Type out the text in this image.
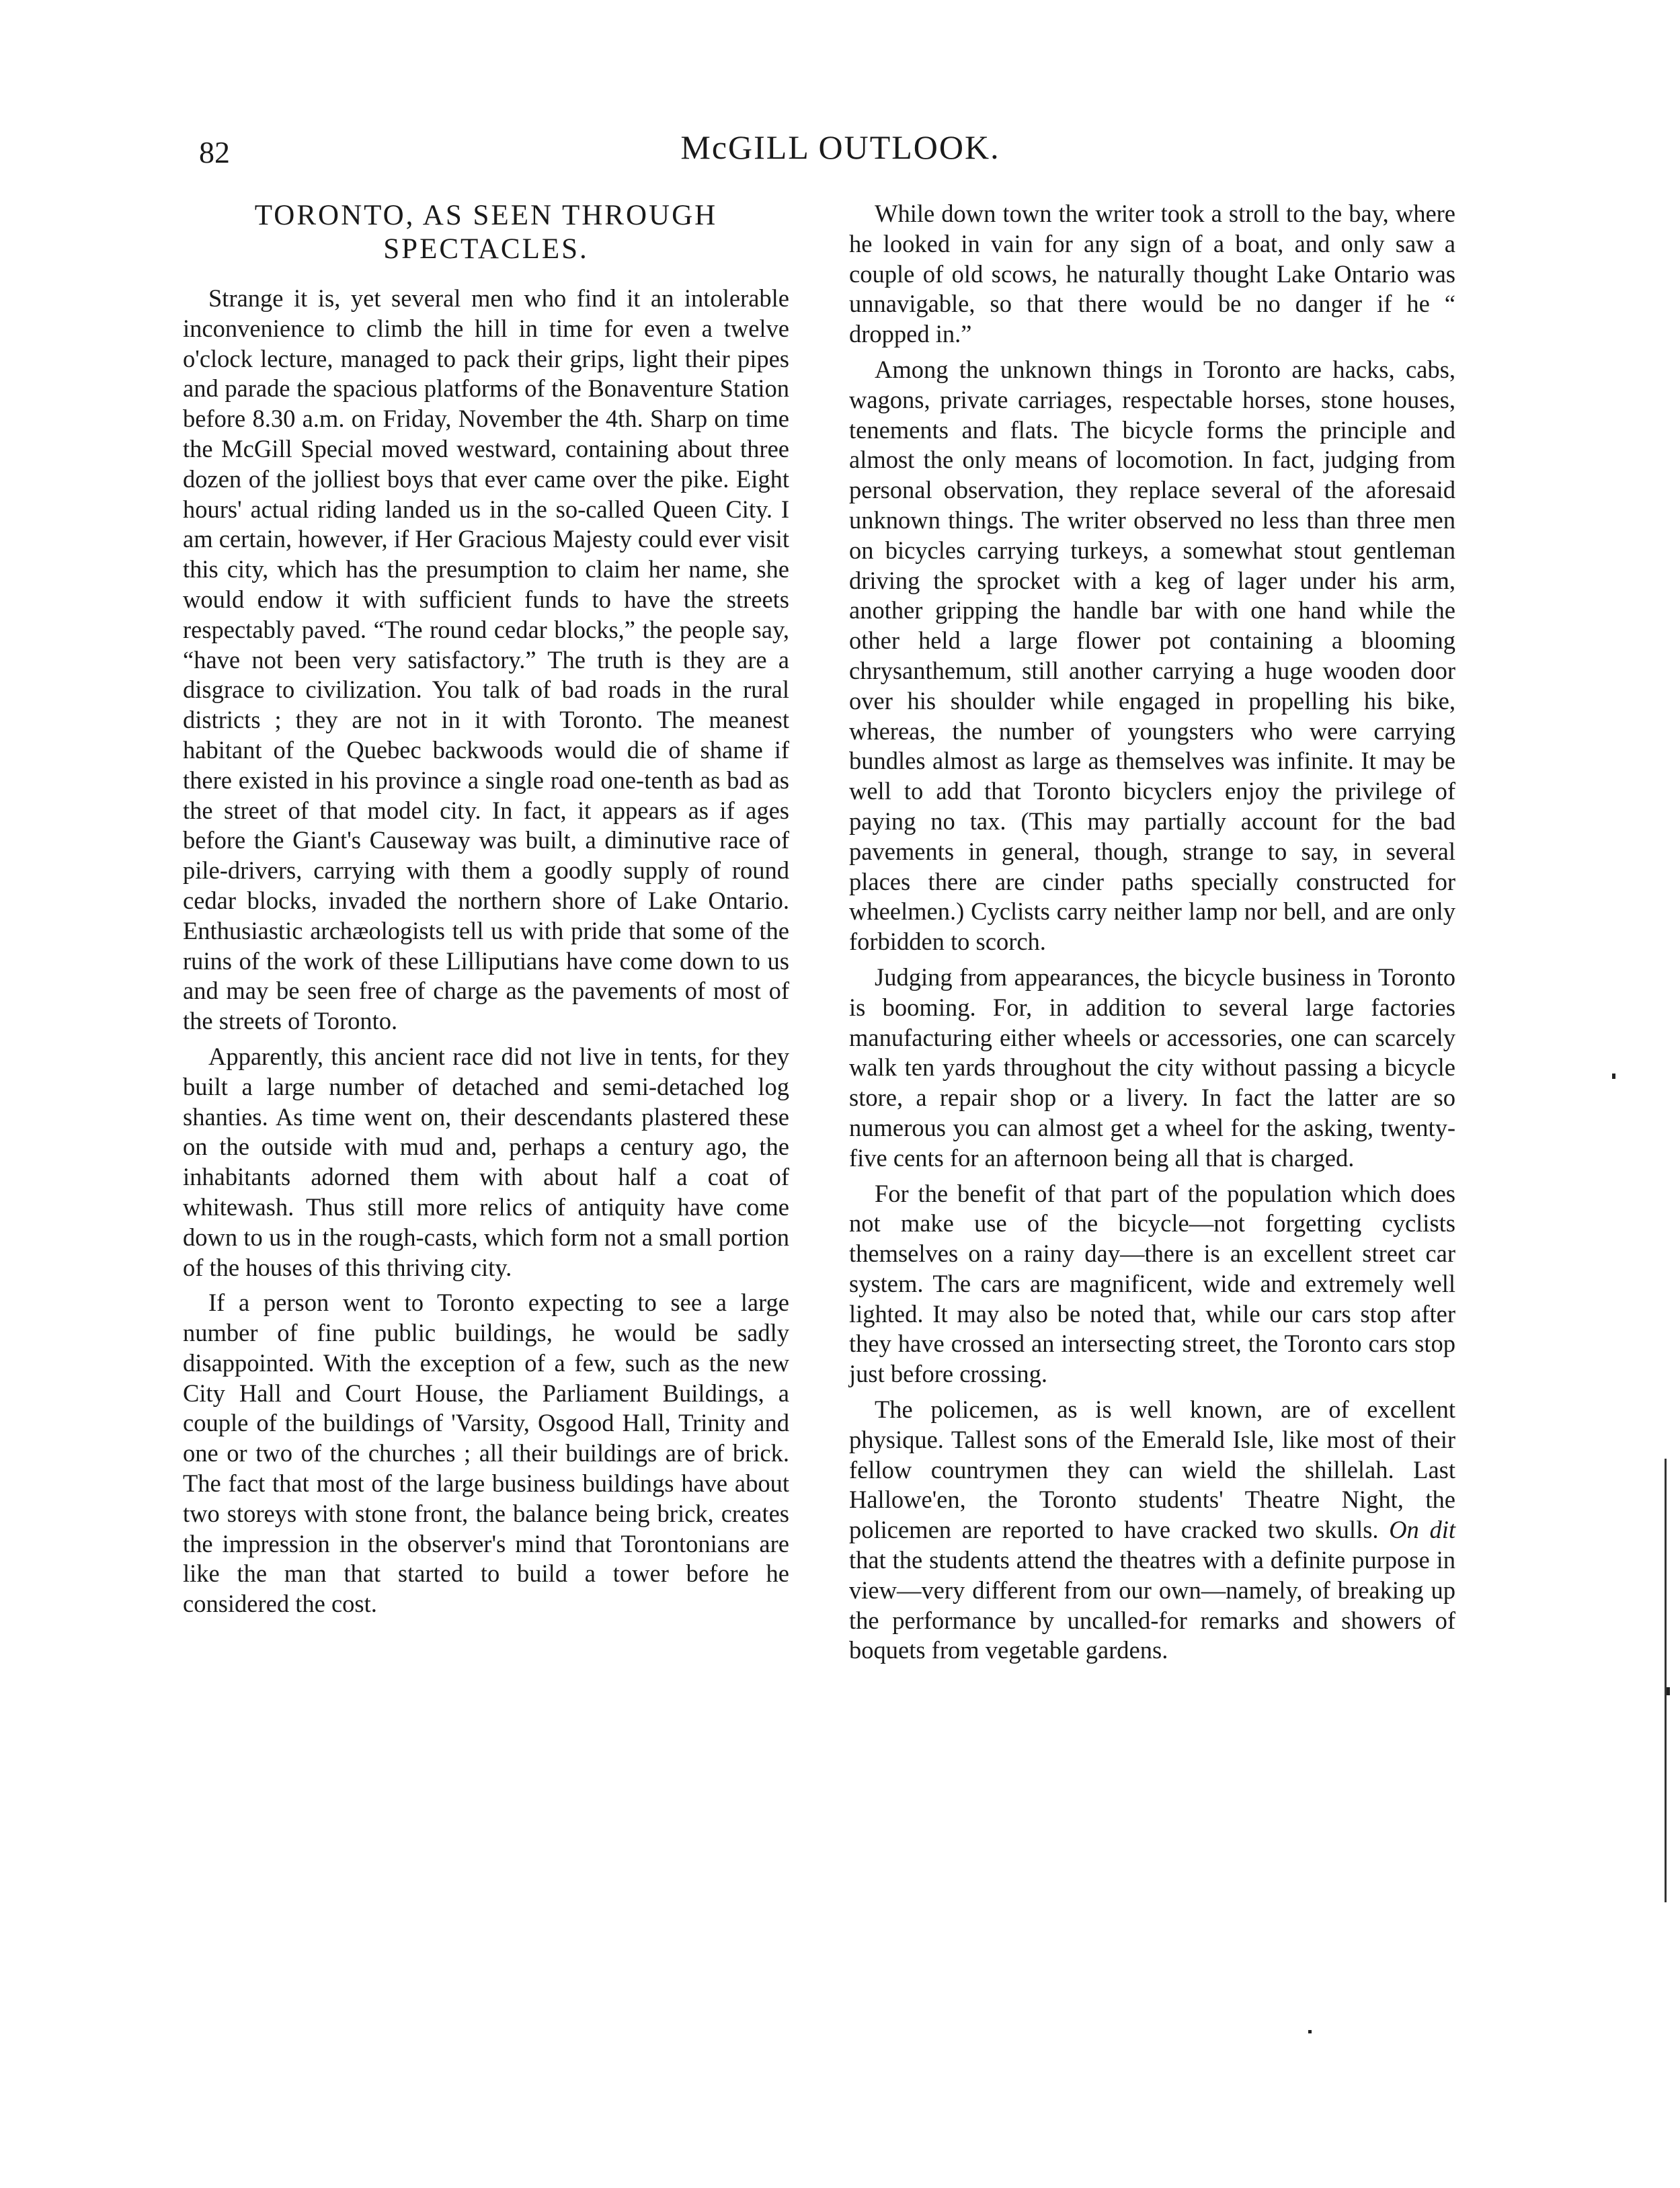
82	McGILL OUTLOOK.
TORONTO, AS SEEN THROUGH SPECTACLES.

Strange it is, yet several men who find it an intolerable inconvenience to climb the hill in time for even a twelve o'clock lecture, managed to pack their grips, light their pipes and parade the spacious platforms of the Bonaventure Station before 8.30 a.m. on Friday, November the 4th. Sharp on time the McGill Special moved westward, containing about three dozen of the jolliest boys that ever came over the pike. Eight hours' actual riding landed us in the so-called Queen City. I am certain, however, if Her Gracious Majesty could ever visit this city, which has the presumption to claim her name, she would endow it with sufficient funds to have the streets respectably paved. “The round cedar blocks,” the people say, “have not been very satisfactory.” The truth is they are a disgrace to civilization. You talk of bad roads in the rural districts ; they are not in it with Toronto. The meanest habitant of the Quebec backwoods would die of shame if there existed in his province a single road one-tenth as bad as the street of that model city. In fact, it appears as if ages before the Giant's Causeway was built, a diminutive race of pile-drivers, carrying with them a goodly supply of round cedar blocks, invaded the northern shore of Lake Ontario. Enthusiastic archæologists tell us with pride that some of the ruins of the work of these Lilliputians have come down to us and may be seen free of charge as the pavements of most of the streets of Toronto.

Apparently, this ancient race did not live in tents, for they built a large number of detached and semi-detached log shanties. As time went on, their descendants plastered these on the outside with mud and, perhaps a century ago, the inhabitants adorned them with about half a coat of whitewash. Thus still more relics of antiquity have come down to us in the rough-casts, which form not a small portion of the houses of this thriving city.

If a person went to Toronto expecting to see a large number of fine public buildings, he would be sadly disappointed. With the exception of a few, such as the new City Hall and Court House, the Parliament Buildings, a couple of the buildings of 'Varsity, Osgood Hall, Trinity and one or two of the churches ; all their buildings are of brick. The fact that most of the large business buildings have about two storeys with stone front, the balance being brick, creates the impression in the observer's mind that Torontonians are like the man that started to build a tower before he considered the cost.

While down town the writer took a stroll to the bay, where he looked in vain for any sign of a boat, and only saw a couple of old scows, he naturally thought Lake Ontario was unnavigable, so that there would be no danger if he “ dropped in.”

Among the unknown things in Toronto are hacks, cabs, wagons, private carriages, respectable horses, stone houses, tenements and flats. The bicycle forms the principle and almost the only means of locomotion. In fact, judging from personal observation, they replace several of the aforesaid unknown things. The writer observed no less than three men on bicycles carrying turkeys, a somewhat stout gentleman driving the sprocket with a keg of lager under his arm, another gripping the handle bar with one hand while the other held a large flower pot containing a blooming chrysanthemum, still another carrying a huge wooden door over his shoulder while engaged in propelling his bike, whereas, the number of youngsters who were carrying bundles almost as large as themselves was infinite. It may be well to add that Toronto bicyclers enjoy the privilege of paying no tax. (This may partially account for the bad pavements in general, though, strange to say, in several places there are cinder paths specially constructed for wheelmen.) Cyclists carry neither lamp nor bell, and are only forbidden to scorch.

Judging from appearances, the bicycle business in Toronto is booming. For, in addition to several large factories manufacturing either wheels or accessories, one can scarcely walk ten yards throughout the city without passing a bicycle store, a repair shop or a livery. In fact the latter are so numerous you can almost get a wheel for the asking, twenty-five cents for an afternoon being all that is charged.

For the benefit of that part of the population which does not make use of the bicycle—not forgetting cyclists themselves on a rainy day—there is an excellent street car system. The cars are magnificent, wide and extremely well lighted. It may also be noted that, while our cars stop after they have crossed an intersecting street, the Toronto cars stop just before crossing.

The policemen, as is well known, are of excellent physique. Tallest sons of the Emerald Isle, like most of their fellow countrymen they can wield the shillelah. Last Hallowe'en, the Toronto students' Theatre Night, the policemen are reported to have cracked two skulls. On dit that the students attend the theatres with a definite purpose in view—very different from our own—namely, of breaking up the performance by uncalled-for remarks and showers of boquets from vegetable gardens.
